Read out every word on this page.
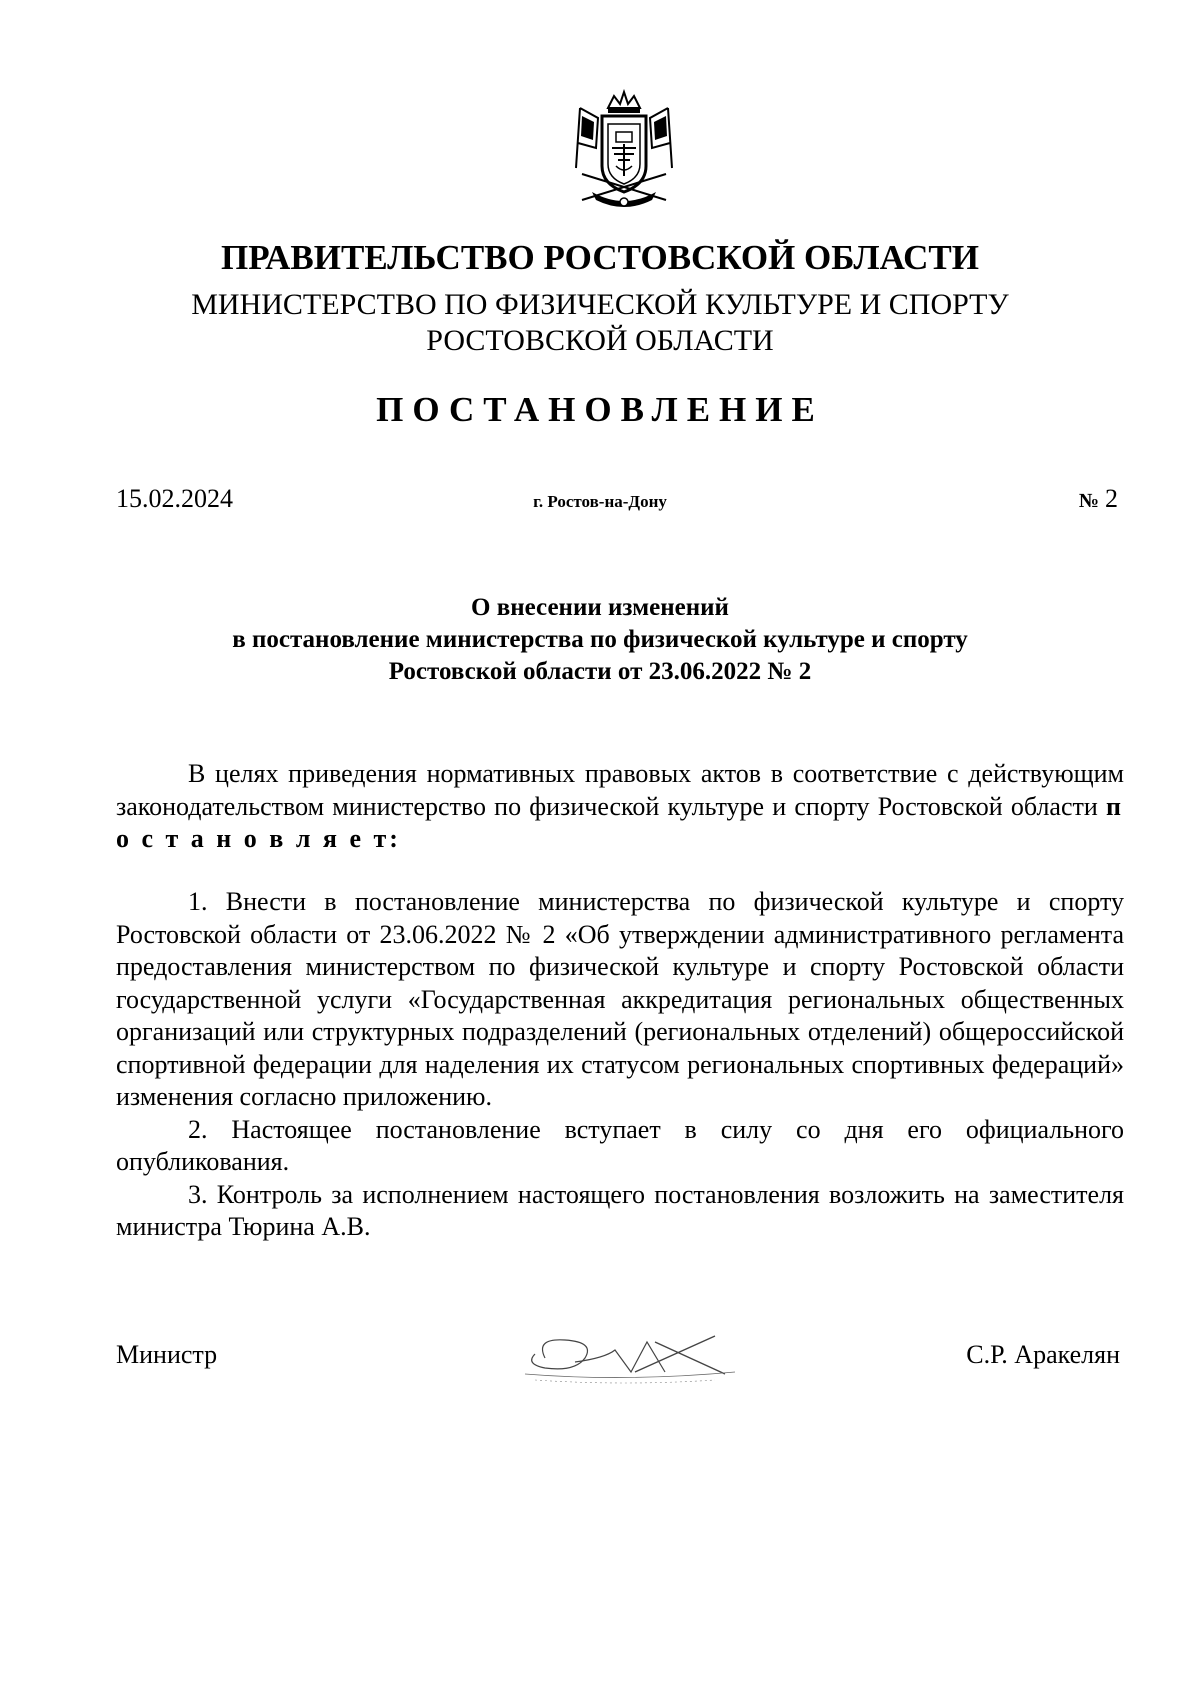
ПРАВИТЕЛЬСТВО РОСТОВСКОЙ ОБЛАСТИ
МИНИСТЕРСТВО ПО ФИЗИЧЕСКОЙ КУЛЬТУРЕ И СПОРТУ
РОСТОВСКОЙ ОБЛАСТИ
ПОСТАНОВЛЕНИЕ
15.02.2024	г. Ростов-на-Дону	№ 2
О внесении изменений
в постановление министерства по физической культуре и спорту
Ростовской области от 23.06.2022 № 2
В целях приведения нормативных правовых актов в соответствие с действующим законодательством министерство по физической культуре и спорту Ростовской области п о с т а н о в л я е т:

1. Внести в постановление министерства по физической культуре и спорту Ростовской области от 23.06.2022 № 2 «Об утверждении административного регламента предоставления министерством по физической культуре и спорту Ростовской области государственной услуги «Государственная аккредитация региональных общественных организаций или структурных подразделений (региональных отделений) общероссийской спортивной федерации для наделения их статусом региональных спортивных федераций» изменения согласно приложению.

2. Настоящее постановление вступает в силу со дня его официального опубликования.

3. Контроль за исполнением настоящего постановления возложить на заместителя министра Тюрина А.В.

Министр	С.Р. Аракелян
